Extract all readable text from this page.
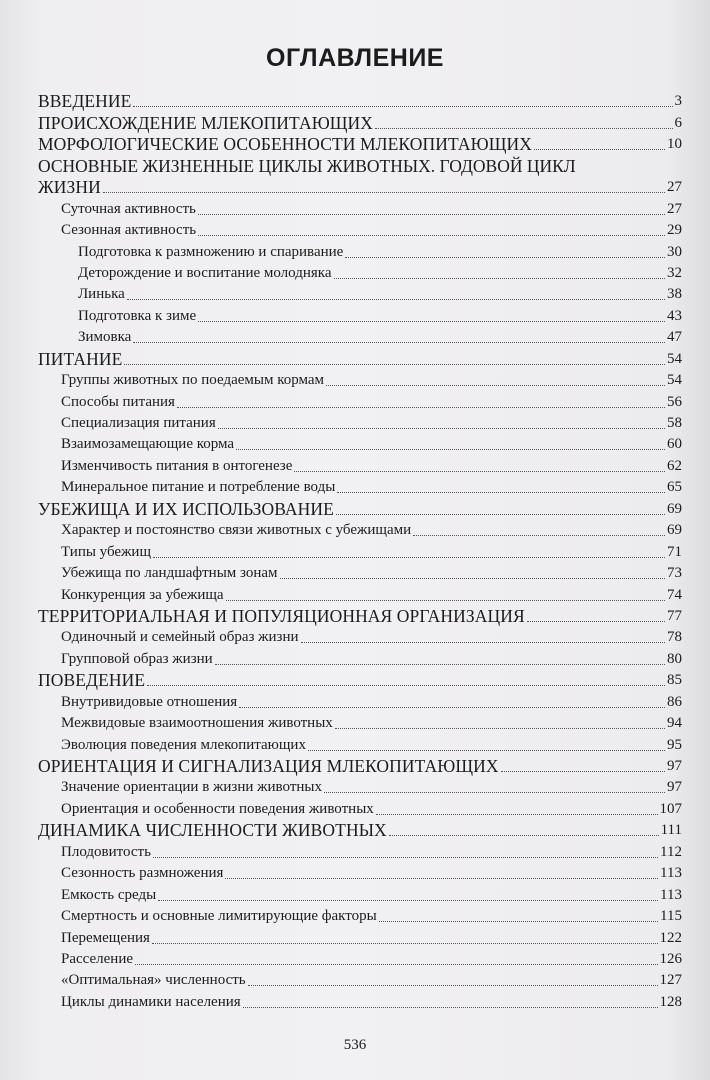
ОГЛАВЛЕНИЕ
ВВЕДЕНИЕ	3
ПРОИСХОЖДЕНИЕ МЛЕКОПИТАЮЩИХ	6
МОРФОЛОГИЧЕСКИЕ ОСОБЕННОСТИ МЛЕКОПИТАЮЩИХ	10
ОСНОВНЫЕ ЖИЗНЕННЫЕ ЦИКЛЫ ЖИВОТНЫХ. ГОДОВОЙ ЦИКЛ
ЖИЗНИ	27
Суточная активность	27
Сезонная активность	29
Подготовка к размножению и спаривание	30
Деторождение и воспитание молодняка	32
Линька	38
Подготовка к зиме	43
Зимовка	47
ПИТАНИЕ	54
Группы животных по поедаемым кормам	54
Способы питания	56
Специализация питания	58
Взаимозамещающие корма	60
Изменчивость питания в онтогенезе	62
Минеральное питание и потребление воды	65
УБЕЖИЩА И ИХ ИСПОЛЬЗОВАНИЕ	69
Характер и постоянство связи животных с убежищами	69
Типы убежищ	71
Убежища по ландшафтным зонам	73
Конкуренция за убежища	74
ТЕРРИТОРИАЛЬНАЯ И ПОПУЛЯЦИОННАЯ ОРГАНИЗАЦИЯ	77
Одиночный и семейный образ жизни	78
Групповой образ жизни	80
ПОВЕДЕНИЕ	85
Внутривидовые отношения	86
Межвидовые взаимоотношения животных	94
Эволюция поведения млекопитающих	95
ОРИЕНТАЦИЯ И СИГНАЛИЗАЦИЯ МЛЕКОПИТАЮЩИХ	97
Значение ориентации в жизни животных	97
Ориентация и особенности поведения животных	107
ДИНАМИКА ЧИСЛЕННОСТИ ЖИВОТНЫХ	111
Плодовитость	112
Сезонность размножения	113
Емкость среды	113
Смертность и основные лимитирующие факторы	115
Перемещения	122
Расселение	126
«Оптимальная» численность	127
Циклы динамики населения	128
536
